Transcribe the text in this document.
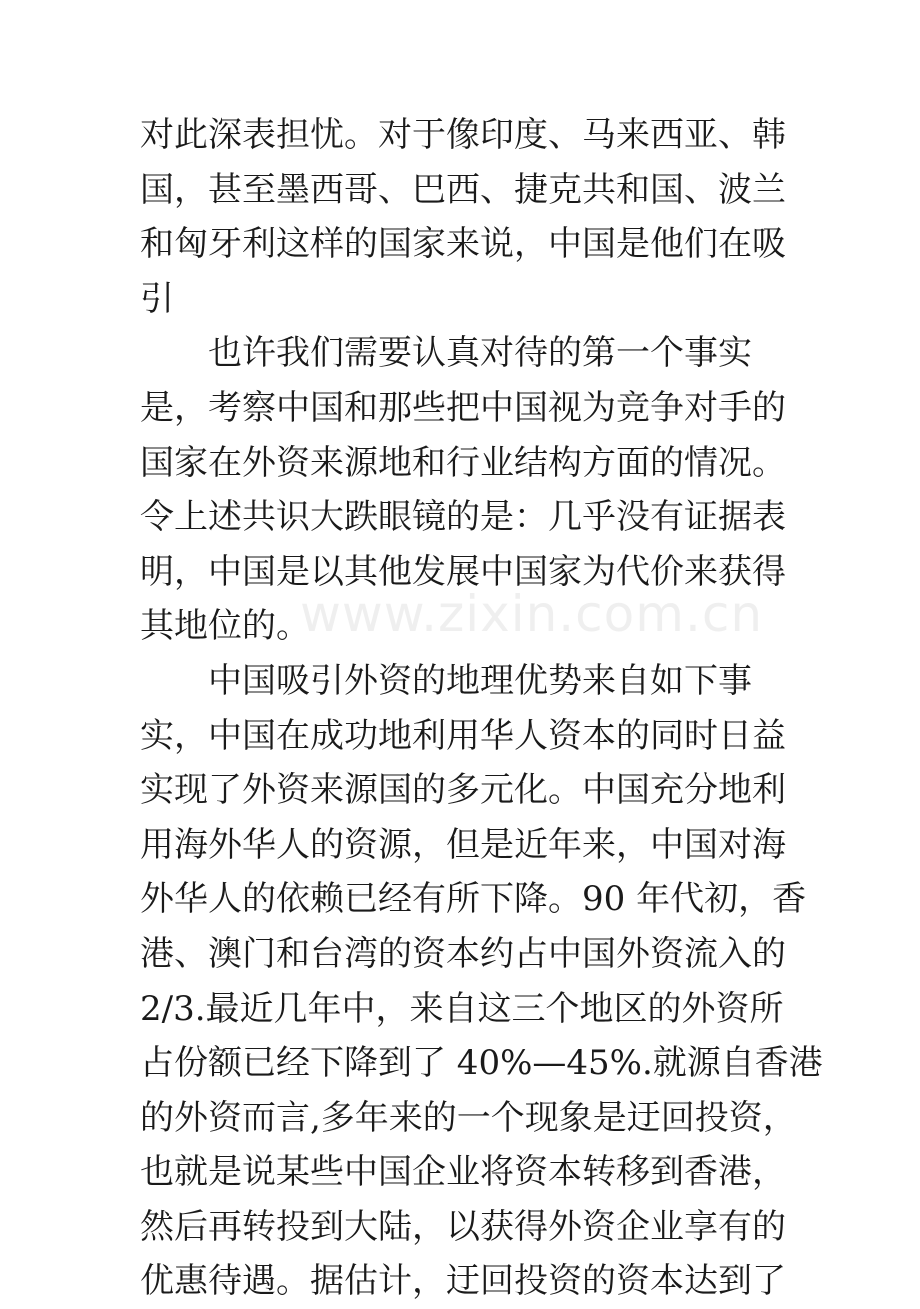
对此深表担忧。对于像印度、马来西亚、韩
国，甚至墨西哥、巴西、捷克共和国、波兰
和匈牙利这样的国家来说，中国是他们在吸
引
也许我们需要认真对待的第一个事实
是，考察中国和那些把中国视为竞争对手的
国家在外资来源地和行业结构方面的情况。
令上述共识大跌眼镜的是：几乎没有证据表
明，中国是以其他发展中国家为代价来获得
其地位的。
中国吸引外资的地理优势来自如下事
实，中国在成功地利用华人资本的同时日益
实现了外资来源国的多元化。中国充分地利
用海外华人的资源，但是近年来，中国对海
外华人的依赖已经有所下降。90 年代初，香
港、澳门和台湾的资本约占中国外资流入的
2/3.最近几年中，来自这三个地区的外资所
占份额已经下降到了 40%—45%.就源自香港
的外资而言,多年来的一个现象是迂回投资，
也就是说某些中国企业将资本转移到香港，
然后再转投到大陆，以获得外资企业享有的
优惠待遇。据估计，迂回投资的资本达到了
www.zixin.com.cn
